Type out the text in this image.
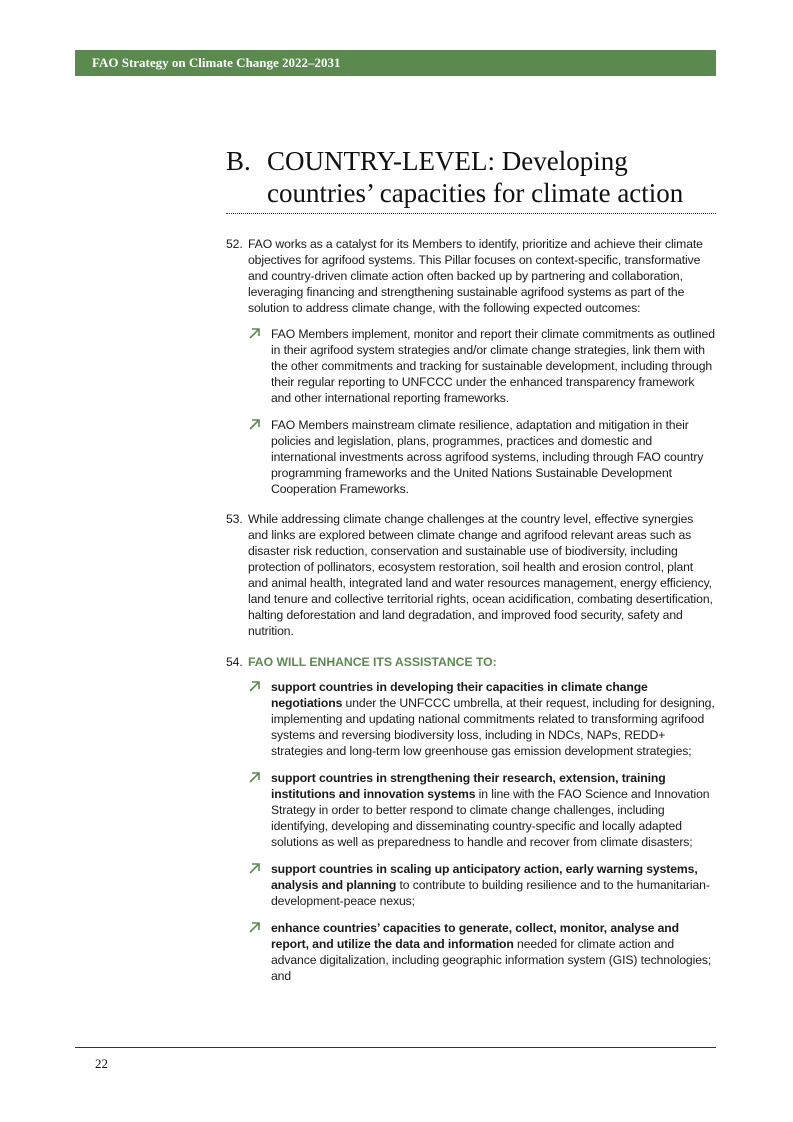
FAO Strategy on Climate Change 2022–2031
B. COUNTRY-LEVEL: Developing
countries’ capacities for climate action
52. FAO works as a catalyst for its Members to identify, prioritize and achieve their climate objectives for agrifood systems. This Pillar focuses on context-specific, transformative and country-driven climate action often backed up by partnering and collaboration, leveraging financing and strengthening sustainable agrifood systems as part of the solution to address climate change, with the following expected outcomes:
FAO Members implement, monitor and report their climate commitments as outlined in their agrifood system strategies and/or climate change strategies, link them with the other commitments and tracking for sustainable development, including through their regular reporting to UNFCCC under the enhanced transparency framework and other international reporting frameworks.
FAO Members mainstream climate resilience, adaptation and mitigation in their policies and legislation, plans, programmes, practices and domestic and international investments across agrifood systems, including through FAO country programming frameworks and the United Nations Sustainable Development Cooperation Frameworks.
53. While addressing climate change challenges at the country level, effective synergies and links are explored between climate change and agrifood relevant areas such as disaster risk reduction, conservation and sustainable use of biodiversity, including protection of pollinators, ecosystem restoration, soil health and erosion control, plant and animal health, integrated land and water resources management, energy efficiency, land tenure and collective territorial rights, ocean acidification, combating desertification, halting deforestation and land degradation, and improved food security, safety and nutrition.
54. FAO WILL ENHANCE ITS ASSISTANCE TO:
support countries in developing their capacities in climate change negotiations under the UNFCCC umbrella, at their request, including for designing, implementing and updating national commitments related to transforming agrifood systems and reversing biodiversity loss, including in NDCs, NAPs, REDD+ strategies and long-term low greenhouse gas emission development strategies;
support countries in strengthening their research, extension, training institutions and innovation systems in line with the FAO Science and Innovation Strategy in order to better respond to climate change challenges, including identifying, developing and disseminating country-specific and locally adapted solutions as well as preparedness to handle and recover from climate disasters;
support countries in scaling up anticipatory action, early warning systems, analysis and planning to contribute to building resilience and to the humanitarian-development-peace nexus;
enhance countries’ capacities to generate, collect, monitor, analyse and report, and utilize the data and information needed for climate action and advance digitalization, including geographic information system (GIS) technologies; and
22
